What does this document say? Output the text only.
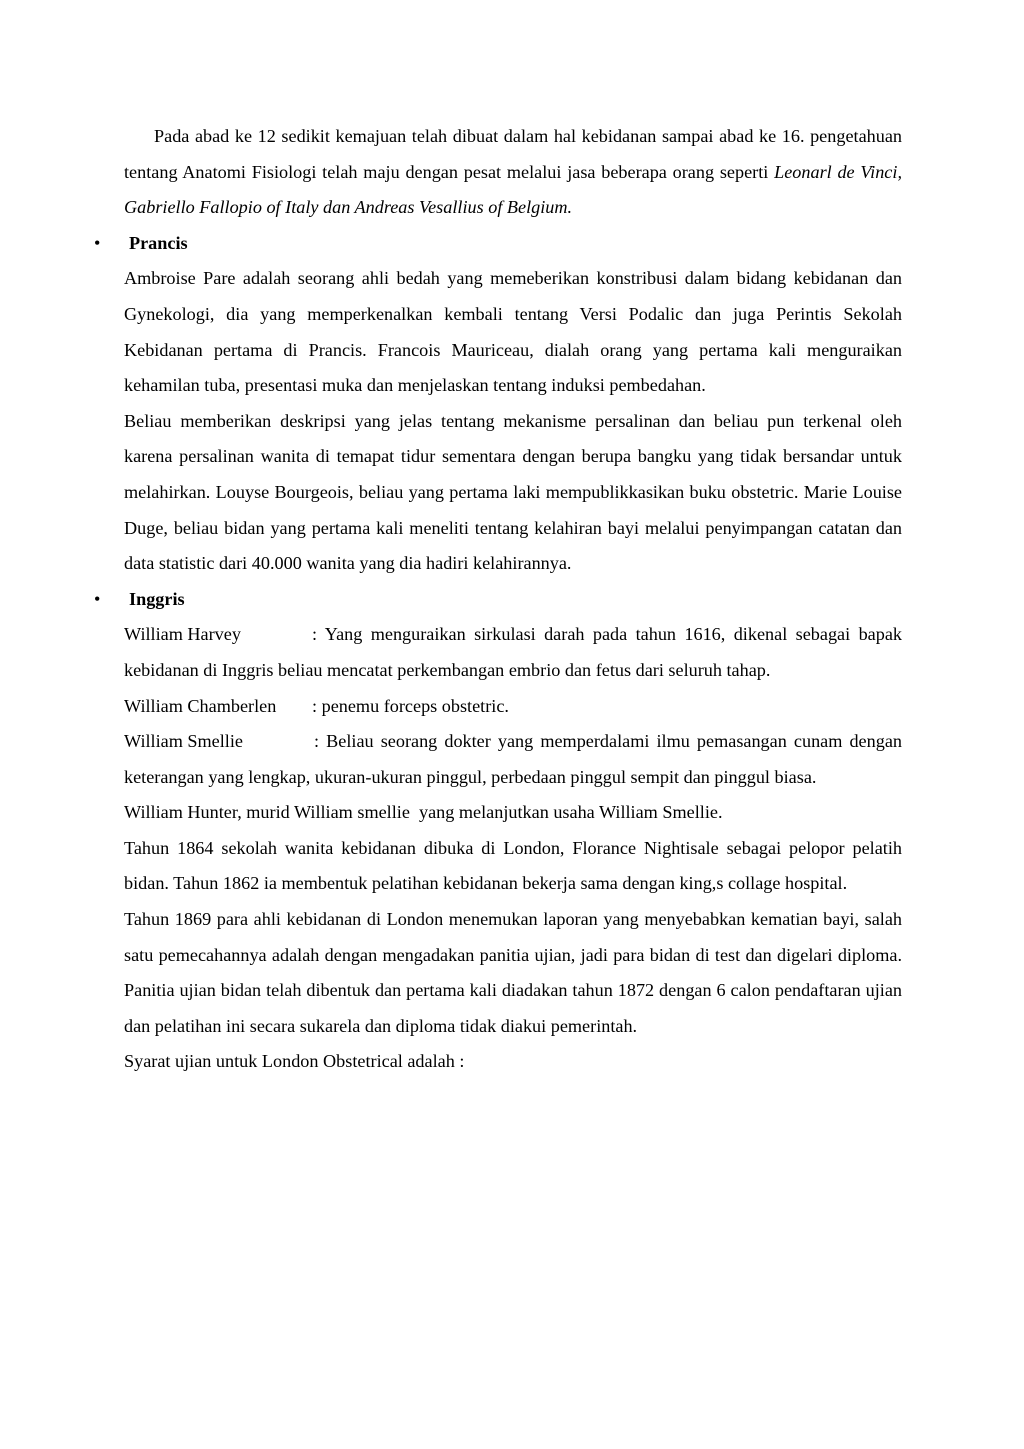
Pada abad ke 12 sedikit kemajuan telah dibuat dalam hal kebidanan sampai abad ke 16. pengetahuan tentang Anatomi Fisiologi telah maju dengan pesat melalui jasa beberapa orang seperti Leonarl de Vinci, Gabriello Fallopio of Italy dan Andreas Vesallius of Belgium.

• Prancis

Ambroise Pare adalah seorang ahli bedah yang memeberikan konstribusi dalam bidang kebidanan dan Gynekologi, dia yang memperkenalkan kembali tentang Versi Podalic dan juga Perintis Sekolah Kebidanan pertama di Prancis. Francois Mauriceau, dialah orang yang pertama kali menguraikan kehamilan tuba, presentasi muka dan menjelaskan tentang induksi pembedahan.

Beliau memberikan deskripsi yang jelas tentang mekanisme persalinan dan beliau pun terkenal oleh karena persalinan wanita di temapat tidur sementara dengan berupa bangku yang tidak bersandar untuk melahirkan. Louyse Bourgeois, beliau yang pertama laki mempublikkasikan buku obstetric. Marie Louise Duge, beliau bidan yang pertama kali meneliti tentang kelahiran bayi melalui penyimpangan catatan dan data statistic dari 40.000 wanita yang dia hadiri kelahirannya.

• Inggris

William Harvey	: Yang menguraikan sirkulasi darah pada tahun 1616, dikenal sebagai bapak kebidanan di Inggris beliau mencatat perkembangan embrio dan fetus dari seluruh tahap.

William Chamberlen : penemu forceps obstetric.

William Smellie	: Beliau seorang dokter yang memperdalami ilmu pemasangan cunam dengan keterangan yang lengkap, ukuran-ukuran pinggul, perbedaan pinggul sempit dan pinggul biasa.

William Hunter, murid William smellie  yang melanjutkan usaha William Smellie.

Tahun 1864 sekolah wanita kebidanan dibuka di London, Florance Nightisale sebagai pelopor pelatih bidan. Tahun 1862 ia membentuk pelatihan kebidanan bekerja sama dengan king,s collage hospital.

Tahun 1869 para ahli kebidanan di London menemukan laporan yang menyebabkan kematian bayi, salah satu pemecahannya adalah dengan mengadakan panitia ujian, jadi para bidan di test dan digelari diploma. Panitia ujian bidan telah dibentuk dan pertama kali diadakan tahun 1872 dengan 6 calon pendaftaran ujian dan pelatihan ini secara sukarela dan diploma tidak diakui pemerintah.

Syarat ujian untuk London Obstetrical adalah :
